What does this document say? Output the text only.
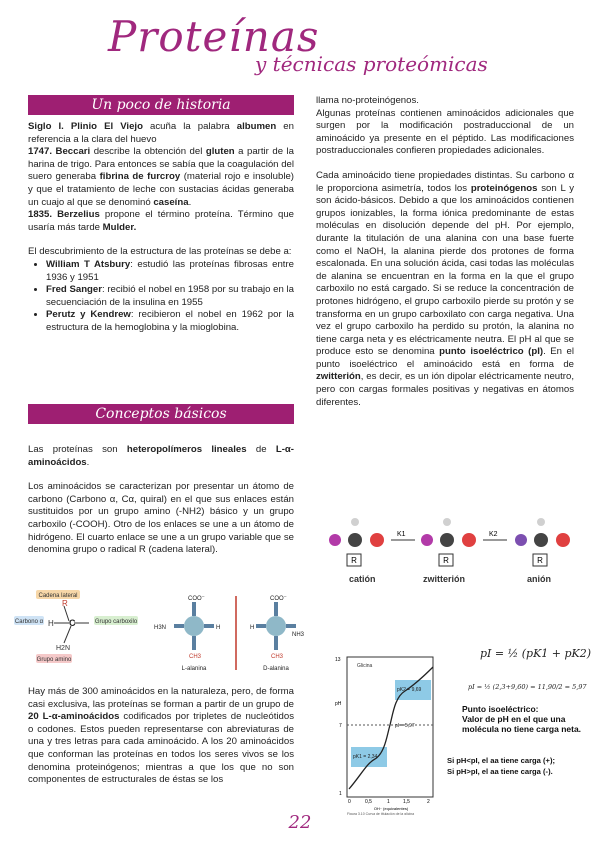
Proteínas
y técnicas proteómicas
Un poco de historia

Siglo I. Plinio El Viejo acuña la palabra albumen en referencia a la clara del huevo

1747. Beccari describe la obtención del gluten a partir de la harina de trigo. Para entonces se sabía que la coagulación del suero generaba fibrina de furcroy (material rojo e insoluble) y que el tratamiento de leche con sustacias ácidas generaba un cuajo al que se denominó caseína.

1835. Berzelius propone el término proteína. Término que usaría más tarde Mulder.

El descubrimiento de la estructura de las proteínas se debe a:

• William T Atsbury: estudió las proteínas fibrosas entre 1936 y 1951
• Fred Sanger: recibió el nobel en 1958 por su trabajo en la secuenciación de la insulina en 1955
• Perutz y Kendrew: recibieron el nobel en 1962 por la estructura de la hemoglobina y la mioglobina.
Conceptos básicos

Las proteínas son heteropolímeros lineales de L-α-aminoácidos.

Los aminoácidos se caracterizan por presentar un átomo de carbono (Carbono α, Cα, quiral) en el que sus enlaces están sustituidos por un grupo amino (-NH2) básico y un grupo carboxilo (-COOH). Otro de los enlaces se une a un átomo de hidrógeno. El cuarto enlace se une a un grupo variable que se denomina grupo o radical R (cadena lateral).

Cadena lateral
Carbono α	Grupo carboxilo
Grupo amino
R
C
H
H2N
COO⁻
H3N	H
CH3
L-alanina
COO⁻
H
NH3
CH3
D-alanina

Hay más de 300 aminoácidos en la naturaleza, pero, de forma casi exclusiva, las proteínas se forman a partir de un grupo de 20 L-α-aminoácidos codificados por tripletes de nucleótidos o codones. Estos pueden representarse con abreviaturas de una y tres letras para cada aminoácido. A los 20 aminoácidos que conforman las proteínas en todos los seres vivos se los denomina proteinógenos; mientras a que los que no son componentes de estructurales de éstas se los

llama no-proteinógenos.

Algunas proteínas contienen aminoácidos adicionales que surgen por la modificación postraduccional de un aminoácido ya presente en el péptido. Las modificaciones postraduccionales confieren propiedades adicionales.

Cada aminoácido tiene propiedades distintas. Su carbono α le proporciona asimetría, todos los proteinógenos son L y son ácido-básicos. Debido a que los aminoácidos contienen grupos ionizables, la forma iónica predominante de estas moléculas en disolución depende del pH. Por ejemplo, durante la titulación de una alanina con una base fuerte como el NaOH, la alanina pierde dos protones de forma escalonada. En una solución ácida, casi todas las moléculas de alanina se encuentran en la forma en la que el grupo carboxilo no está cargado. Si se reduce la concentración de protones hidrógeno, el grupo carboxilo pierde su protón y se transforma en un grupo carboxilato con carga negativa. Una vez el grupo carboxilo ha perdido su protón, la alanina no tiene carga neta y es eléctricamente neutra. El pH al que se produce esto se denomina punto isoeléctrico (pI). En el punto isoeléctrico el aminoácido está en forma de zwitterión, es decir, es un ión dipolar eléctricamente neutro, pero con cargas formales positivas y negativas en átomos diferentes.

R
K1
R
K2
R
catión	zwitterión	anión
Glicina
pK2 = 9,69
pK1 = 2,34
pI = 5,97
13
7
1
pH
0	0,5	1	1,5	2
OH⁻ (equivalentes)
Figura 3.10 Curva de titulación de la glicina
pI = ½ (pK1 + pK2)
pI = ½ (2,3+9,60) = 11,90/2 = 5,97
Punto isoeléctrico:
Valor de pH en el que una molécula no tiene carga neta.
Si pH<pI, el aa tiene carga (+);
Si pH>pI, el aa tiene carga (-).
22
